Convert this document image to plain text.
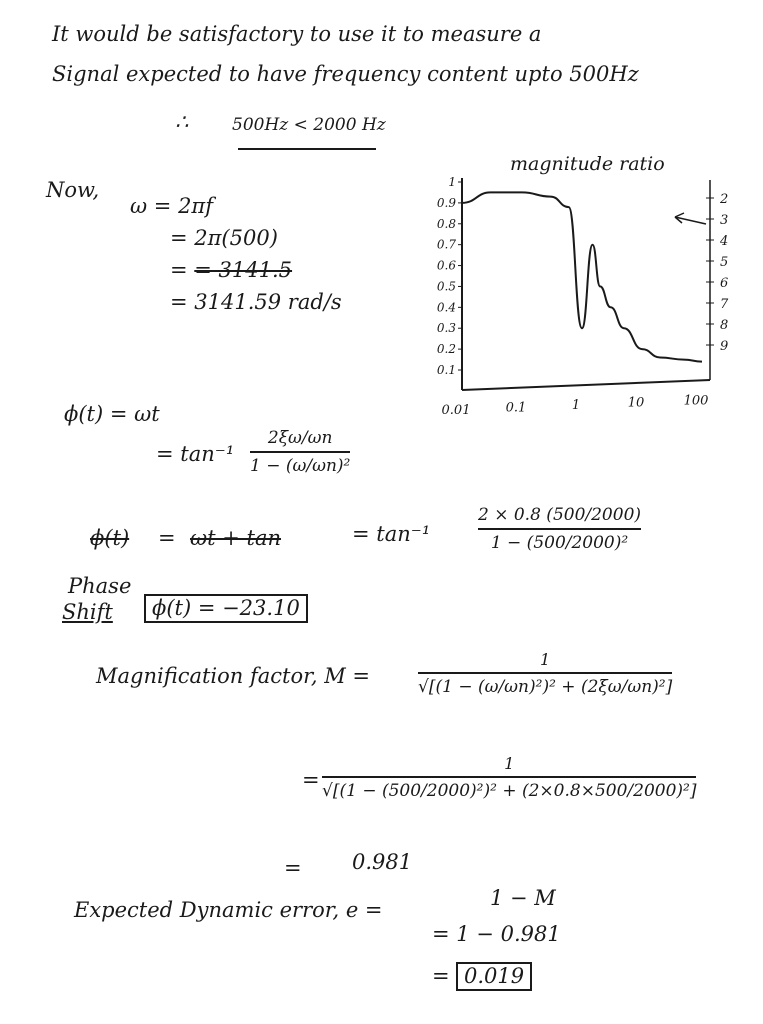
It would be satisfactory to use it to measure a
Signal expected to have frequency content upto 500Hz
∴	500Hz < 2000 Hz
Now,
ω = 2πf
= 2π(500)
= = 3141.5
= 3141.59 rad/s
magnitude ratio
1
0.9
0.8
0.7
0.6
0.5
0.4
0.3
0.2
0.1
0.01	0.1	1	10	100
2
3
4
5
6
7
8
9
ϕ(t) = ωt
= tan⁻¹
2ξω/ωn
1 − (ω/ωn)²
ϕ(t) = ωt + tan	= tan⁻¹
2 × 0.8 (500/2000)
1 − (500/2000)²
Phase
Shift	ϕ(t) = −23.10
Magnification factor, M =
1
√[(1 − (ω/ωn)²)² + (2ξω/ωn)²]
=
1
√[(1 − (500/2000)²)² + (2×0.8×500/2000)²]
= 0.981
Expected Dynamic error, e =	1 − M
= 1 − 0.981
= 0.019
